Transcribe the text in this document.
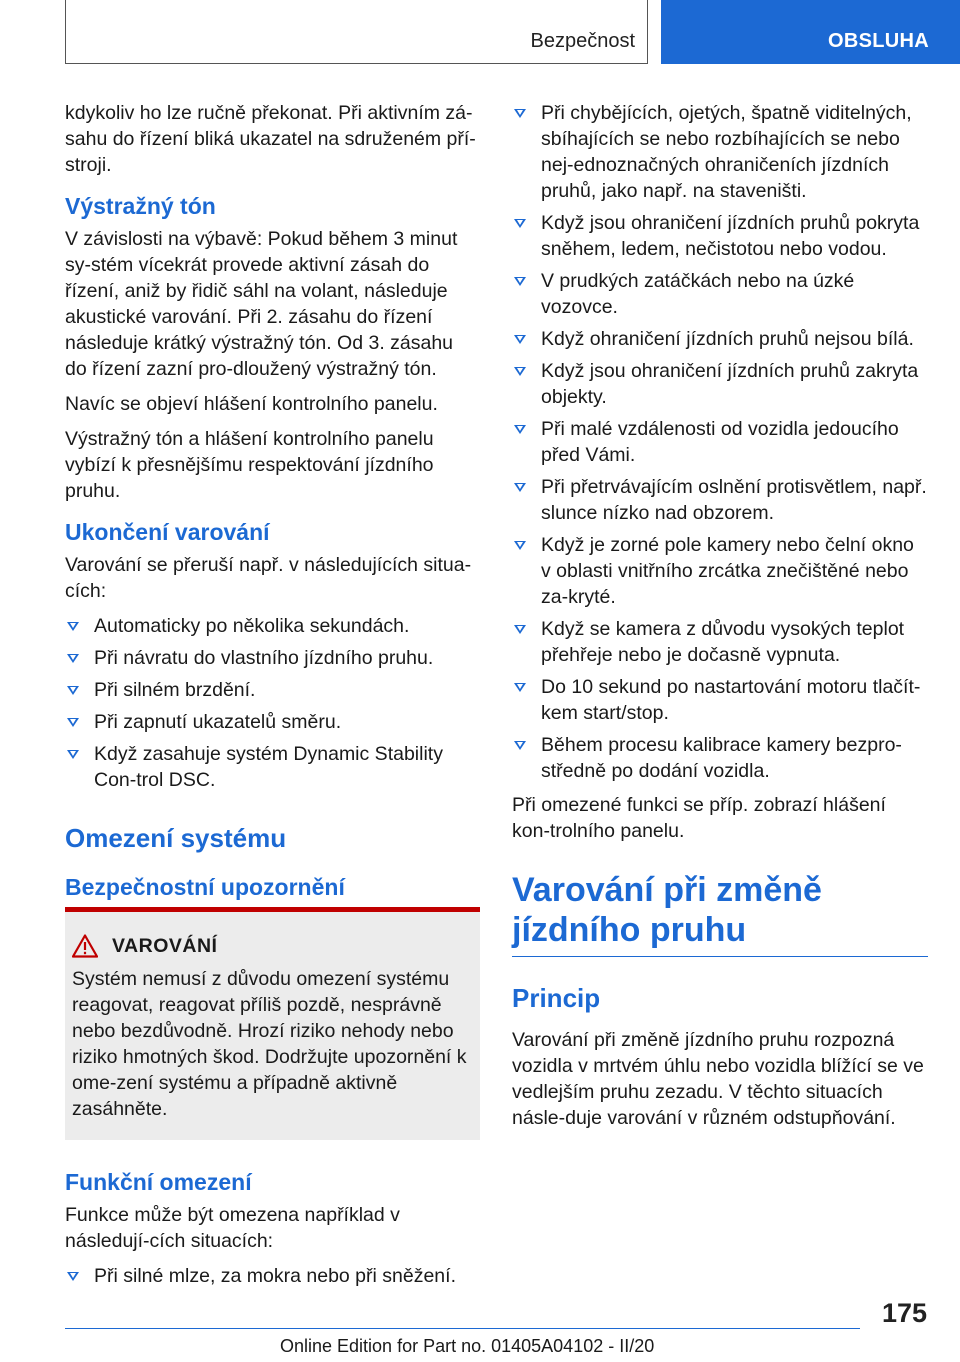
Bezpečnost	OBSLUHA

kdykoliv ho lze ručně překonat. Při aktivním zá-sahu do řízení bliká ukazatel na sdruženém pří-stroji.

Výstražný tón

V závislosti na výbavě: Pokud během 3 minut sy-stém vícekrát provede aktivní zásah do řízení, aniž by řidič sáhl na volant, následuje akustické varování. Při 2. zásahu do řízení následuje krátký výstražný tón. Od 3. zásahu do řízení zazní pro-dloužený výstražný tón.

Navíc se objeví hlášení kontrolního panelu.

Výstražný tón a hlášení kontrolního panelu vybízí k přesnějšímu respektování jízdního pruhu.

Ukončení varování

Varování se přeruší např. v následujících situa-cích:

Automaticky po několika sekundách.
Při návratu do vlastního jízdního pruhu.
Při silném brzdění.
Při zapnutí ukazatelů směru.
Když zasahuje systém Dynamic Stability Con-trol DSC.
Omezení systému
Bezpečnostní upozornění
VAROVÁNÍ

Systém nemusí z důvodu omezení systému reagovat, reagovat příliš pozdě, nesprávně nebo bezdůvodně. Hrozí riziko nehody nebo riziko hmotných škod. Dodržujte upozornění k ome-zení systému a případně aktivně zasáhněte.

Funkční omezení

Funkce může být omezena například v následují-cích situacích:

Při silné mlze, za mokra nebo při sněžení.
Při chybějících, ojetých, špatně viditelných, sbíhajících se nebo rozbíhajících se nebo nej-ednoznačných ohraničeních jízdních pruhů, jako např. na staveništi.
Když jsou ohraničení jízdních pruhů pokryta sněhem, ledem, nečistotou nebo vodou.
V prudkých zatáčkách nebo na úzké vozovce.
Když ohraničení jízdních pruhů nejsou bílá.
Když jsou ohraničení jízdních pruhů zakryta objekty.
Při malé vzdálenosti od vozidla jedoucího před Vámi.
Při přetrvávajícím oslnění protisvětlem, např. slunce nízko nad obzorem.
Když je zorné pole kamery nebo čelní okno v oblasti vnitřního zrcátka znečištěné nebo za-kryté.
Když se kamera z důvodu vysokých teplot přehřeje nebo je dočasně vypnuta.
Do 10 sekund po nastartování motoru tlačít-kem start/stop.
Během procesu kalibrace kamery bezpro-středně po dodání vozidla.

Při omezené funkci se příp. zobrazí hlášení kon-trolního panelu.

Varování při změně jízdního pruhu
Princip

Varování při změně jízdního pruhu rozpozná vozidla v mrtvém úhlu nebo vozidla blížící se ve vedlejším pruhu zezadu. V těchto situacích násle-duje varování v různém odstupňování.

175
Online Edition for Part no. 01405A04102 - II/20
